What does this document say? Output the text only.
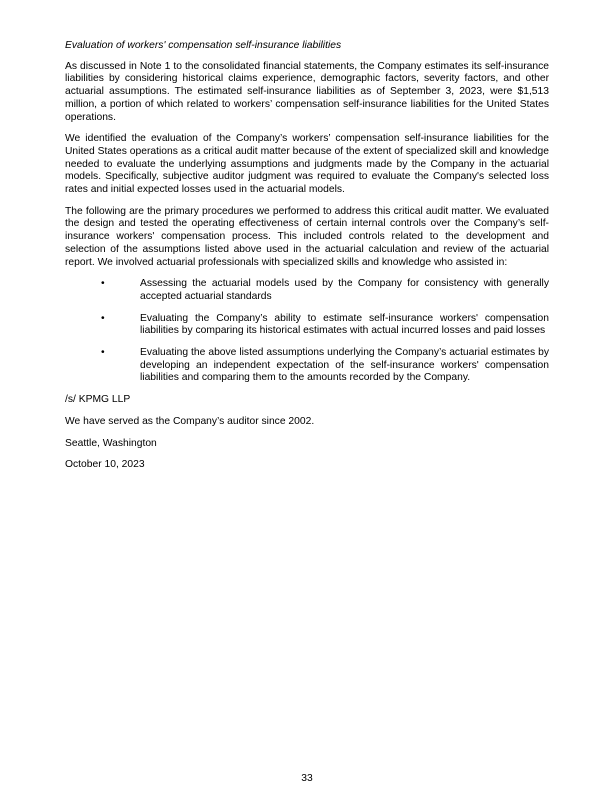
Evaluation of workers' compensation self-insurance liabilities

As discussed in Note 1 to the consolidated financial statements, the Company estimates its self-insurance liabilities by considering historical claims experience, demographic factors, severity factors, and other actuarial assumptions. The estimated self-insurance liabilities as of September 3, 2023, were $1,513 million, a portion of which related to workers’ compensation self-insurance liabilities for the United States operations.

We identified the evaluation of the Company’s workers’ compensation self-insurance liabilities for the United States operations as a critical audit matter because of the extent of specialized skill and knowledge needed to evaluate the underlying assumptions and judgments made by the Company in the actuarial models. Specifically, subjective auditor judgment was required to evaluate the Company's selected loss rates and initial expected losses used in the actuarial models.

The following are the primary procedures we performed to address this critical audit matter. We evaluated the design and tested the operating effectiveness of certain internal controls over the Company’s self-insurance workers' compensation process. This included controls related to the development and selection of the assumptions listed above used in the actuarial calculation and review of the actuarial report. We involved actuarial professionals with specialized skills and knowledge who assisted in:

•	Assessing the actuarial models used by the Company for consistency with generally accepted actuarial standards
•	Evaluating the Company’s ability to estimate self-insurance workers' compensation liabilities by comparing its historical estimates with actual incurred losses and paid losses
•	Evaluating the above listed assumptions underlying the Company’s actuarial estimates by developing an independent expectation of the self-insurance workers' compensation liabilities and comparing them to the amounts recorded by the Company.
/s/ KPMG LLP
We have served as the Company’s auditor since 2002.
Seattle, Washington
October 10, 2023
33
